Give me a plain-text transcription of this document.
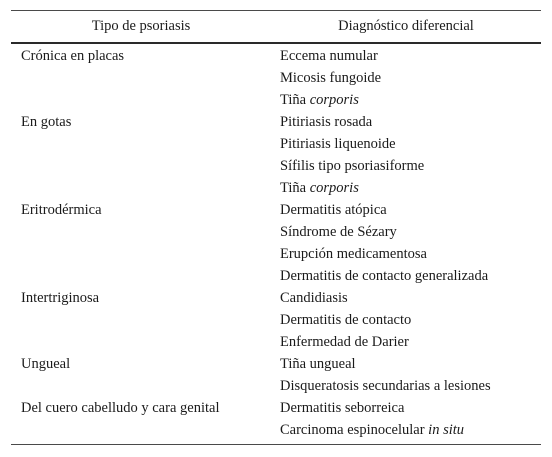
Tipo de psoriasis	Diagnóstico diferencial
Crónica en placas	Eccema numular
Micosis fungoide
Tiña corporis
En gotas	Pitiriasis rosada
Pitiriasis liquenoide
Sífilis tipo psoriasiforme
Tiña corporis
Eritrodérmica	Dermatitis atópica
Síndrome de Sézary
Erupción medicamentosa
Dermatitis de contacto generalizada
Intertriginosa	Candidiasis
Dermatitis de contacto
Enfermedad de Darier
Ungueal	Tiña ungueal
Disqueratosis secundarias a lesiones
Del cuero cabelludo y cara genital	Dermatitis seborreica
Carcinoma espinocelular in situ
